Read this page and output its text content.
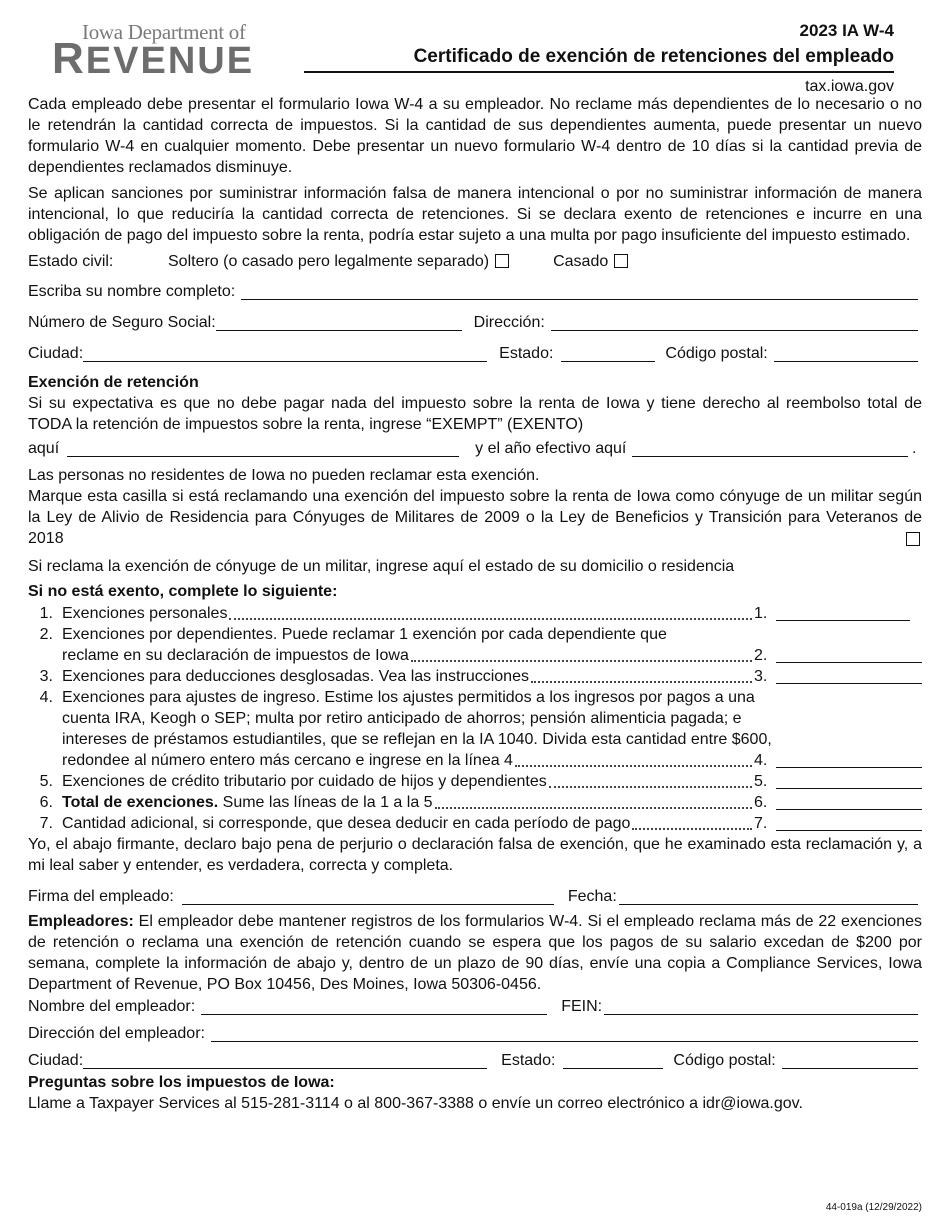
Iowa Department of
REVENUE
2023 IA W-4
Certificado de exención de retenciones del empleado
tax.iowa.gov

Cada empleado debe presentar el formulario Iowa W-4 a su empleador. No reclame más dependientes de lo necesario o no le retendrán la cantidad correcta de impuestos. Si la cantidad de sus dependientes aumenta, puede presentar un nuevo formulario W-4 en cualquier momento. Debe presentar un nuevo formulario W-4 dentro de 10 días si la cantidad previa de dependientes reclamados disminuye.

Se aplican sanciones por suministrar información falsa de manera intencional o por no suministrar información de manera intencional, lo que reduciría la cantidad correcta de retenciones. Si se declara exento de retenciones e incurre en una obligación de pago del impuesto sobre la renta, podría estar sujeto a una multa por pago insuficiente del impuesto estimado.

Estado civil:	Soltero (o casado pero legalmente separado)	Casado
Escriba su nombre completo:
Número de Seguro Social:	Dirección:
Ciudad:	Estado:	Código postal:
Exención de retención

Si su expectativa es que no debe pagar nada del impuesto sobre la renta de Iowa y tiene derecho al reembolso total de TODA la retención de impuestos sobre la renta, ingrese “EXEMPT” (EXENTO)

aquí	y el año efectivo aquí	.

Las personas no residentes de Iowa no pueden reclamar esta exención.

Marque esta casilla si está reclamando una exención del impuesto sobre la renta de Iowa como cónyuge de un militar según la Ley de Alivio de Residencia para Cónyuges de Militares de 2009 o la Ley de Beneficios y Transición para Veteranos de 2018

Si reclama la exención de cónyuge de un militar, ingrese aquí el estado de su domicilio o residencia

Si no está exento, complete lo siguiente:
1. Exenciones personales	1.
2. Exenciones por dependientes. Puede reclamar 1 exención por cada dependiente que
reclame en su declaración de impuestos de Iowa	2.
3. Exenciones para deducciones desglosadas. Vea las instrucciones	3.
4. Exenciones para ajustes de ingreso. Estime los ajustes permitidos a los ingresos por pagos a una
cuenta IRA, Keogh o SEP; multa por retiro anticipado de ahorros; pensión alimenticia pagada; e
intereses de préstamos estudiantiles, que se reflejan en la IA 1040. Divida esta cantidad entre $600,
redondee al número entero más cercano e ingrese en la línea 4	4.
5. Exenciones de crédito tributario por cuidado de hijos y dependientes	5.
6. Total de exenciones. Sume las líneas de la 1 a la 5	6.
7. Cantidad adicional, si corresponde, que desea deducir en cada período de pago	7.

Yo, el abajo firmante, declaro bajo pena de perjurio o declaración falsa de exención, que he examinado esta reclamación y, a mi leal saber y entender, es verdadera, correcta y completa.

Firma del empleado:	Fecha:

Empleadores: El empleador debe mantener registros de los formularios W-4. Si el empleado reclama más de 22 exenciones de retención o reclama una exención de retención cuando se espera que los pagos de su salario excedan de $200 por semana, complete la información de abajo y, dentro de un plazo de 90 días, envíe una copia a Compliance Services, Iowa Department of Revenue, PO Box 10456, Des Moines, Iowa 50306-0456.

Nombre del empleador:	FEIN:
Dirección del empleador:
Ciudad:	Estado:	Código postal:
Preguntas sobre los impuestos de Iowa:

Llame a Taxpayer Services al 515-281-3114 o al 800-367-3388 o envíe un correo electrónico a idr@iowa.gov.

44-019a (12/29/2022)
